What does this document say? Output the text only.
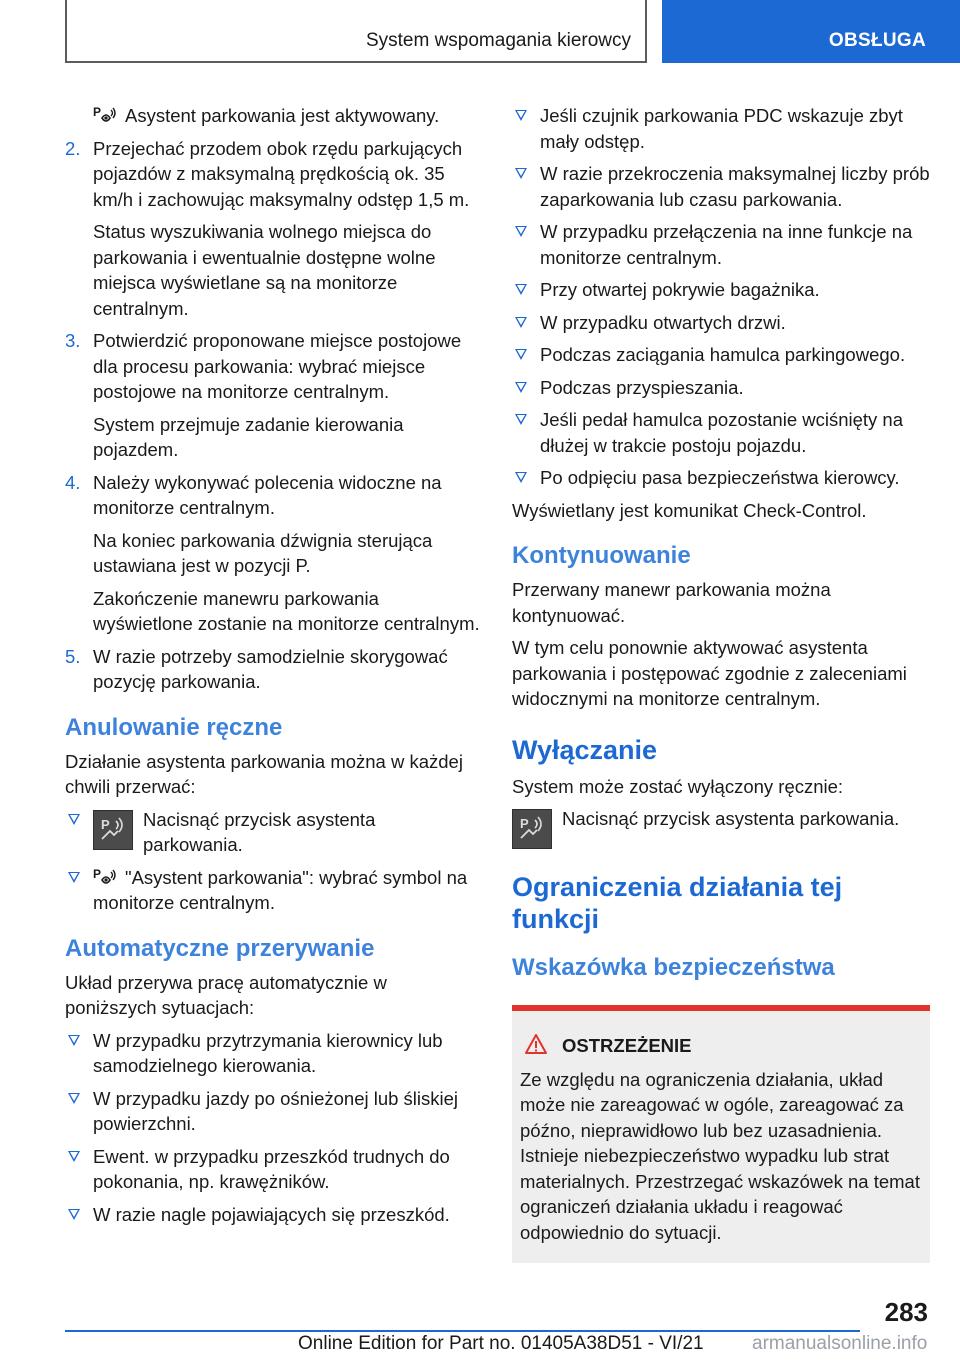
System wspomagania kierowcy	OBSŁUGA
P Asystent parkowania jest aktywowany.
2. Przejechać przodem obok rzędu parkujących pojazdów z maksymalną prędkością ok. 35 km/h i zachowując maksymalny odstęp 1,5 m.
Status wyszukiwania wolnego miejsca do parkowania i ewentualnie dostępne wolne miejsca wyświetlane są na monitorze centralnym.
3. Potwierdzić proponowane miejsce postojowe dla procesu parkowania: wybrać miejsce postojowe na monitorze centralnym.
System przejmuje zadanie kierowania pojazdem.
4. Należy wykonywać polecenia widoczne na monitorze centralnym.
Na koniec parkowania dźwignia sterująca ustawiana jest w pozycji P.
Zakończenie manewru parkowania wyświetlone zostanie na monitorze centralnym.
5. W razie potrzeby samodzielnie skorygować pozycję parkowania.
Anulowanie ręczne
Działanie asystenta parkowania można w każdej chwili przerwać:
P Nacisnąć przycisk asystenta parkowania.
P "Asystent parkowania": wybrać symbol na monitorze centralnym.
Automatyczne przerywanie
Układ przerywa pracę automatycznie w poniższych sytuacjach:
W przypadku przytrzymania kierownicy lub samodzielnego kierowania.
W przypadku jazdy po ośnieżonej lub śliskiej powierzchni.
Ewent. w przypadku przeszkód trudnych do pokonania, np. krawężników.
W razie nagle pojawiających się przeszkód.
Jeśli czujnik parkowania PDC wskazuje zbyt mały odstęp.
W razie przekroczenia maksymalnej liczby prób zaparkowania lub czasu parkowania.
W przypadku przełączenia na inne funkcje na monitorze centralnym.
Przy otwartej pokrywie bagażnika.
W przypadku otwartych drzwi.
Podczas zaciągania hamulca parkingowego.
Podczas przyspieszania.
Jeśli pedał hamulca pozostanie wciśnięty na dłużej w trakcie postoju pojazdu.
Po odpięciu pasa bezpieczeństwa kierowcy.
Wyświetlany jest komunikat Check-Control.
Kontynuowanie
Przerwany manewr parkowania można kontynuować.
W tym celu ponownie aktywować asystenta parkowania i postępować zgodnie z zaleceniami widocznymi na monitorze centralnym.
Wyłączanie
System może zostać wyłączony ręcznie:
P Nacisnąć przycisk asystenta parkowania.
Ograniczenia działania tej funkcji
Wskazówka bezpieczeństwa
OSTRZEŻENIE
Ze względu na ograniczenia działania, układ może nie zareagować w ogóle, zareagować za późno, nieprawidłowo lub bez uzasadnienia. Istnieje niebezpieczeństwo wypadku lub strat materialnych. Przestrzegać wskazówek na temat ograniczeń działania układu i reagować odpowiednio do sytuacji.
283
Online Edition for Part no. 01405A38D51 - VI/21	armanualsonline.info
